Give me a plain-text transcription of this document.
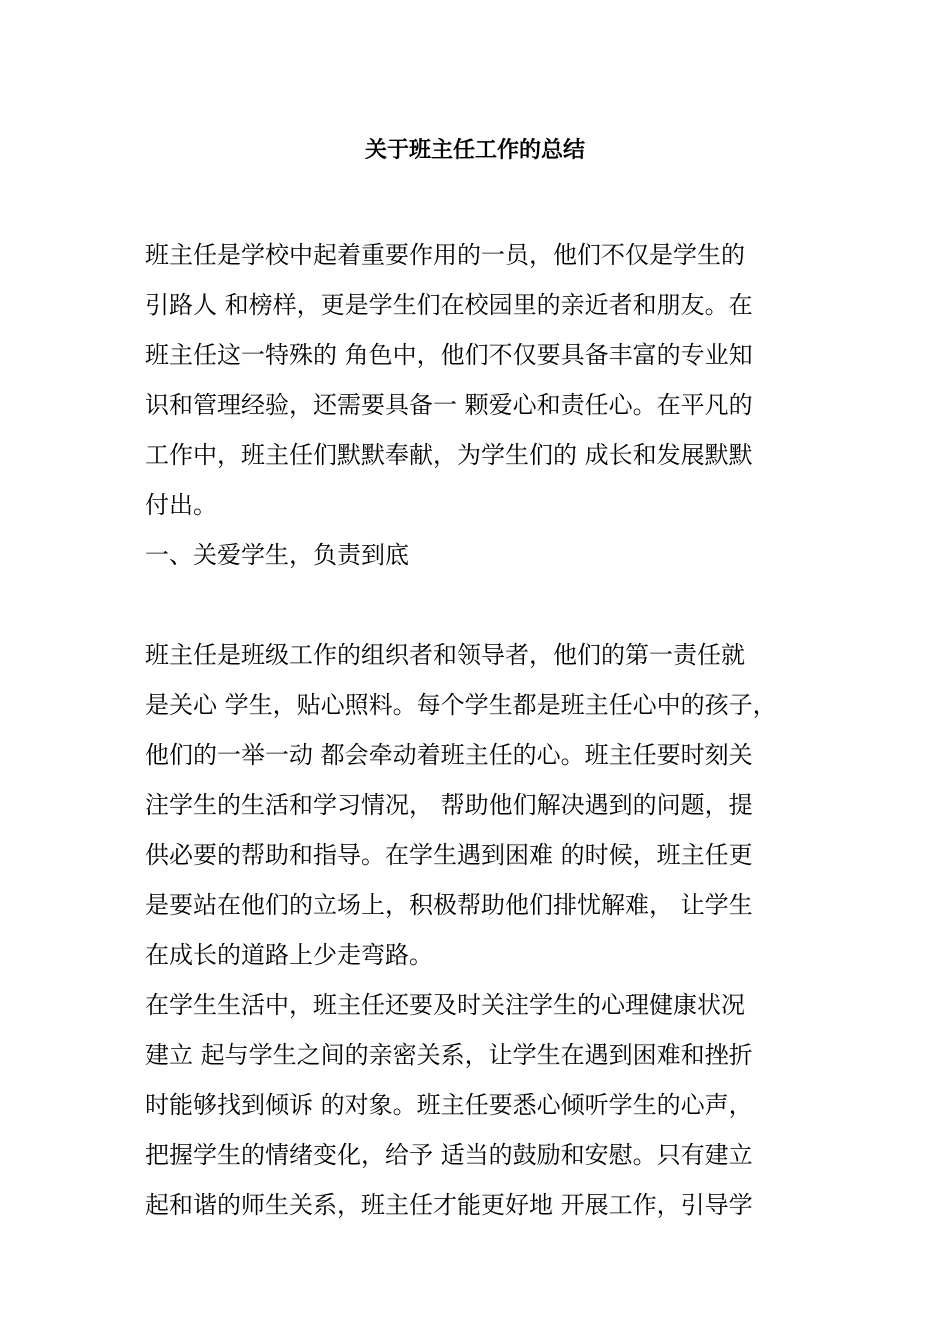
关于班主任工作的总结
班主任是学校中起着重要作用的一员，他们不仅是学生的
引路人 和榜样，更是学生们在校园里的亲近者和朋友。在
班主任这一特殊的 角色中，他们不仅要具备丰富的专业知
识和管理经验，还需要具备一 颗爱心和责任心。在平凡的
工作中，班主任们默默奉献，为学生们的 成长和发展默默
付出。
一、关爱学生，负责到底
班主任是班级工作的组织者和领导者，他们的第一责任就
是关心 学生，贴心照料。每个学生都是班主任心中的孩子，
他们的一举一动 都会牵动着班主任的心。班主任要时刻关
注学生的生活和学习情况， 帮助他们解决遇到的问题，提
供必要的帮助和指导。在学生遇到困难 的时候，班主任更
是要站在他们的立场上，积极帮助他们排忧解难， 让学生
在成长的道路上少走弯路。
在学生生活中，班主任还要及时关注学生的心理健康状况
建立 起与学生之间的亲密关系，让学生在遇到困难和挫折
时能够找到倾诉 的对象。班主任要悉心倾听学生的心声，
把握学生的情绪变化，给予 适当的鼓励和安慰。只有建立
起和谐的师生关系，班主任才能更好地 开展工作，引导学
